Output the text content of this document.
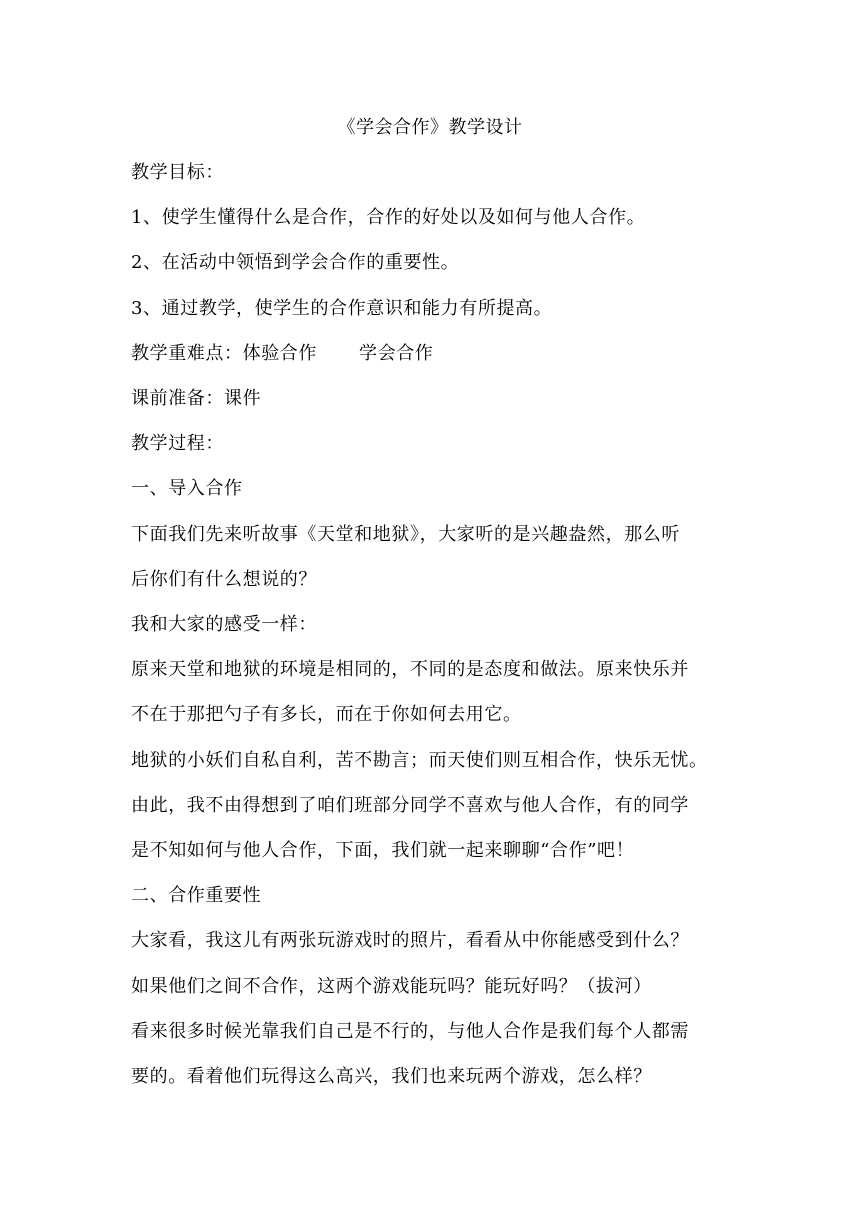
《学会合作》教学设计

教学目标：

1、使学生懂得什么是合作，合作的好处以及如何与他人合作。

2、在活动中领悟到学会合作的重要性。

3、通过教学，使学生的合作意识和能力有所提高。

教学重难点：体验合作 学会合作

课前准备：课件

教学过程：

一、导入合作

下面我们先来听故事《天堂和地狱》，大家听的是兴趣盎然，那么听

后你们有什么想说的？

我和大家的感受一样：

原来天堂和地狱的环境是相同的，不同的是态度和做法。原来快乐并

不在于那把勺子有多长，而在于你如何去用它。

地狱的小妖们自私自利，苦不勘言；而天使们则互相合作，快乐无忧。

由此，我不由得想到了咱们班部分同学不喜欢与他人合作，有的同学

是不知如何与他人合作，下面，我们就一起来聊聊“合作”吧！

二、合作重要性

大家看，我这儿有两张玩游戏时的照片，看看从中你能感受到什么？

如果他们之间不合作，这两个游戏能玩吗？能玩好吗？（拔河）

看来很多时候光靠我们自己是不行的，与他人合作是我们每个人都需

要的。看着他们玩得这么高兴，我们也来玩两个游戏，怎么样？
